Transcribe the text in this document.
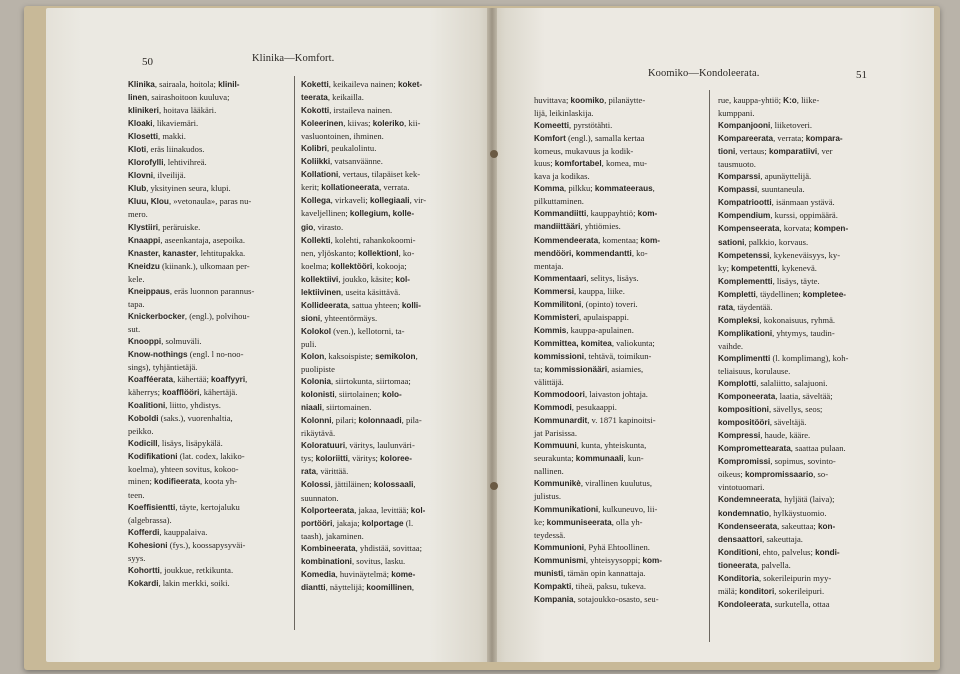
50	Klinika—Komfort.

Klinika, sairaala, hoitola; klinil-

linen, sairashoitoon kuuluva;

klinikeri, hoitava lääkäri.

Kloaki, likaviemäri.

Klosetti, makki.

Kloti, eräs liinakudos.

Klorofylli, lehtivihreä.

Klovni, ilveilijä.

Klub, yksityinen seura, klupi.

Kluu, Klou, »vetonaula», paras nu-

mero.

Klystiiri, peräruiske.

Knaappi, aseenkantaja, asepoika.

Knaster, kanaster, lehtitupakka.

Kneidzu (kiinank.), ulkomaan per-

kele.

Kneippaus, eräs luonnon parannus-

tapa.

Knickerbocker, (engl.), polvihou-

sut.

Knooppi, solmuväli.

Know-nothings (engl. l no-noo-

sings), tyhjäntietäjä.

Koafféerata, kähertää; koaffyyri,

käherrys; koafflööri, kähertäjä.

Koalitioni, liitto, yhdistys.

Koboldi (saks.), vuorenhaltia,

peikko.

Kodicill, lisäys, lisäpykälä.

Kodifikationi (lat. codex, lakiko-

koelma), yhteen sovitus, kokoo-

minen; kodifieerata, koota yh-

teen.

Koeffisientti, täyte, kertojaluku

(algebrassa).

Kofferdi, kauppalaiva.

Kohesioni (fys.), koossapysyväi-

syys.

Kohortti, joukkue, retkikunta.

Kokardi, lakin merkki, soiki.

Koketti, keikaileva nainen; koket-

teerata, keikailla.

Kokotti, irstaileva nainen.

Koleerinen, kiivas; koleriko, kii-

vasluontoinen, ihminen.

Kolibri, peukalolintu.

Koliikki, vatsanväänne.

Kollationi, vertaus, tilapäiset kek-

kerit; kollationeerata, verrata.

Kollega, virkaveli; kollegiaali, vir-

kaveljellinen; kollegium, kolle-

gio, virasto.

Kollekti, kolehti, rahankokoomi-

nen, yljöskanto; kollektionI, ko-

koelma; kollektööri, kokooja;

kollektiivi, joukko, käsite; kol-

lektiivinen, useita käsittävä.

Kollideerata, sattua yhteen; kolli-

sioni, yhteentörmäys.

Kolokol (ven.), kellotorni, ta-

puli.

Kolon, kaksoispiste; semikolon,

puolipiste

Kolonia, siirtokunta, siirtomaa;

kolonisti, siirtolainen; kolo-

niaali, siirtomainen.

Kolonni, pilari; kolonnaadi, pila-

rikäytävä.

Koloratuuri, väritys, laulunväri-

tys; koloriitti, väritys; koloree-

rata, värittää.

Kolossi, jättiläinen; kolossaali,

suunnaton.

Kolporteerata, jakaa, levittää; kol-

portööri, jakaja; kolportage (l.

taash), jakaminen.

Kombineerata, yhdistää, sovittaa;

kombinationi, sovitus, lasku.

Komedia, huvinäytelmä; kome-

diantti, näyttelijä; koomillinen,

Koomiko—Kondoleerata.	51

huvittava; koomiko, pilanäytte-

lijä, leikinlaskija.

Komeetti, pyrstötähti.

Komfort (engl.), samalla kertaa

komeus, mukavuus ja kodik-

kuus; komfortabel, komea, mu-

kava ja kodikas.

Komma, pilkku; kommateeraus,

pilkuttaminen.

Kommandiitti, kauppayhtiö; kom-

mandiittääri, yhtiömies.

Kommendeerata, komentaa; kom-

mendööri, kommendantti, ko-

mentaja.

Kommentaari, selitys, lisäys.

Kommersi, kauppa, liike.

Kommilitoni, (opinto) toveri.

Kommisteri, apulaispappi.

Kommis, kauppa-apulainen.

Kommittea, komitea, valiokunta;

kommissioni, tehtävä, toimikun-

ta; kommissionääri, asiamies,

välittäjä.

Kommodoori, laivaston johtaja.

Kommodi, pesukaappi.

Kommunardit, v. 1871 kapinoitsi-

jat Parisissa.

Kommuuni, kunta, yhteiskunta,

seurakunta; kommunaali, kun-

nallinen.

Kommunikè, virallinen kuulutus,

julistus.

Kommunikationi, kulkuneuvo, lii-

ke; kommuniseerata, olla yh-

teydessä.

Kommunioni, Pyhä Ehtoollinen.

Kommunismi, yhteisyysoppi; kom-

munisti, tämän opin kannattaja.

Kompakti, tiheä, paksu, tukeva.

Kompania, sotajoukko-osasto, seu-

rue, kauppa-yhtiö; K:o, liike-

kumppani.

Kompanjooni, liiketoveri.

Kompareerata, verrata; kompara-

tioni, vertaus; komparatiivi, ver

tausmuoto.

Komparssi, apunäyttelijä.

Kompassi, suuntaneula.

Kompatriootti, isänmaan ystävä.

Kompendium, kurssi, oppimäärä.

Kompenseerata, korvata; kompen-

sationi, palkkio, korvaus.

Kompetenssi, kykeneväisyys, ky-

ky; kompetentti, kykenevä.

Komplementti, lisäys, täyte.

Kompletti, täydellinen; kompletee-

rata, täydentää.

Kompleksi, kokonaisuus, ryhmä.

Komplikationi, yhtymys, taudin-

vaihde.

Komplimentti (l. komplimang), koh-

teliaisuus, korulause.

Komplotti, salaliitto, salajuoni.

Komponeerata, laatia, säveltää;

kompositioni, sävellys, seos;

kompositööri, säveltäjä.

Kompressi, haude, kääre.

Kompromettearata, saattaa pulaan.

Kompromissi, sopimus, sovinto-

oikeus; kompromissaario, so-

vintotuomari.

Kondemneerata, hyljätä (laiva);

kondemnatio, hylkäystuomio.

Kondenseerata, sakeuttaa; kon-

densaattori, sakeuttaja.

Konditioni, ehto, palvelus; kondi-

tioneerata, palvella.

Konditoria, sokerileipurin myy-

mälä; konditori, sokerileipuri.

Kondoleerata, surkutella, ottaa
